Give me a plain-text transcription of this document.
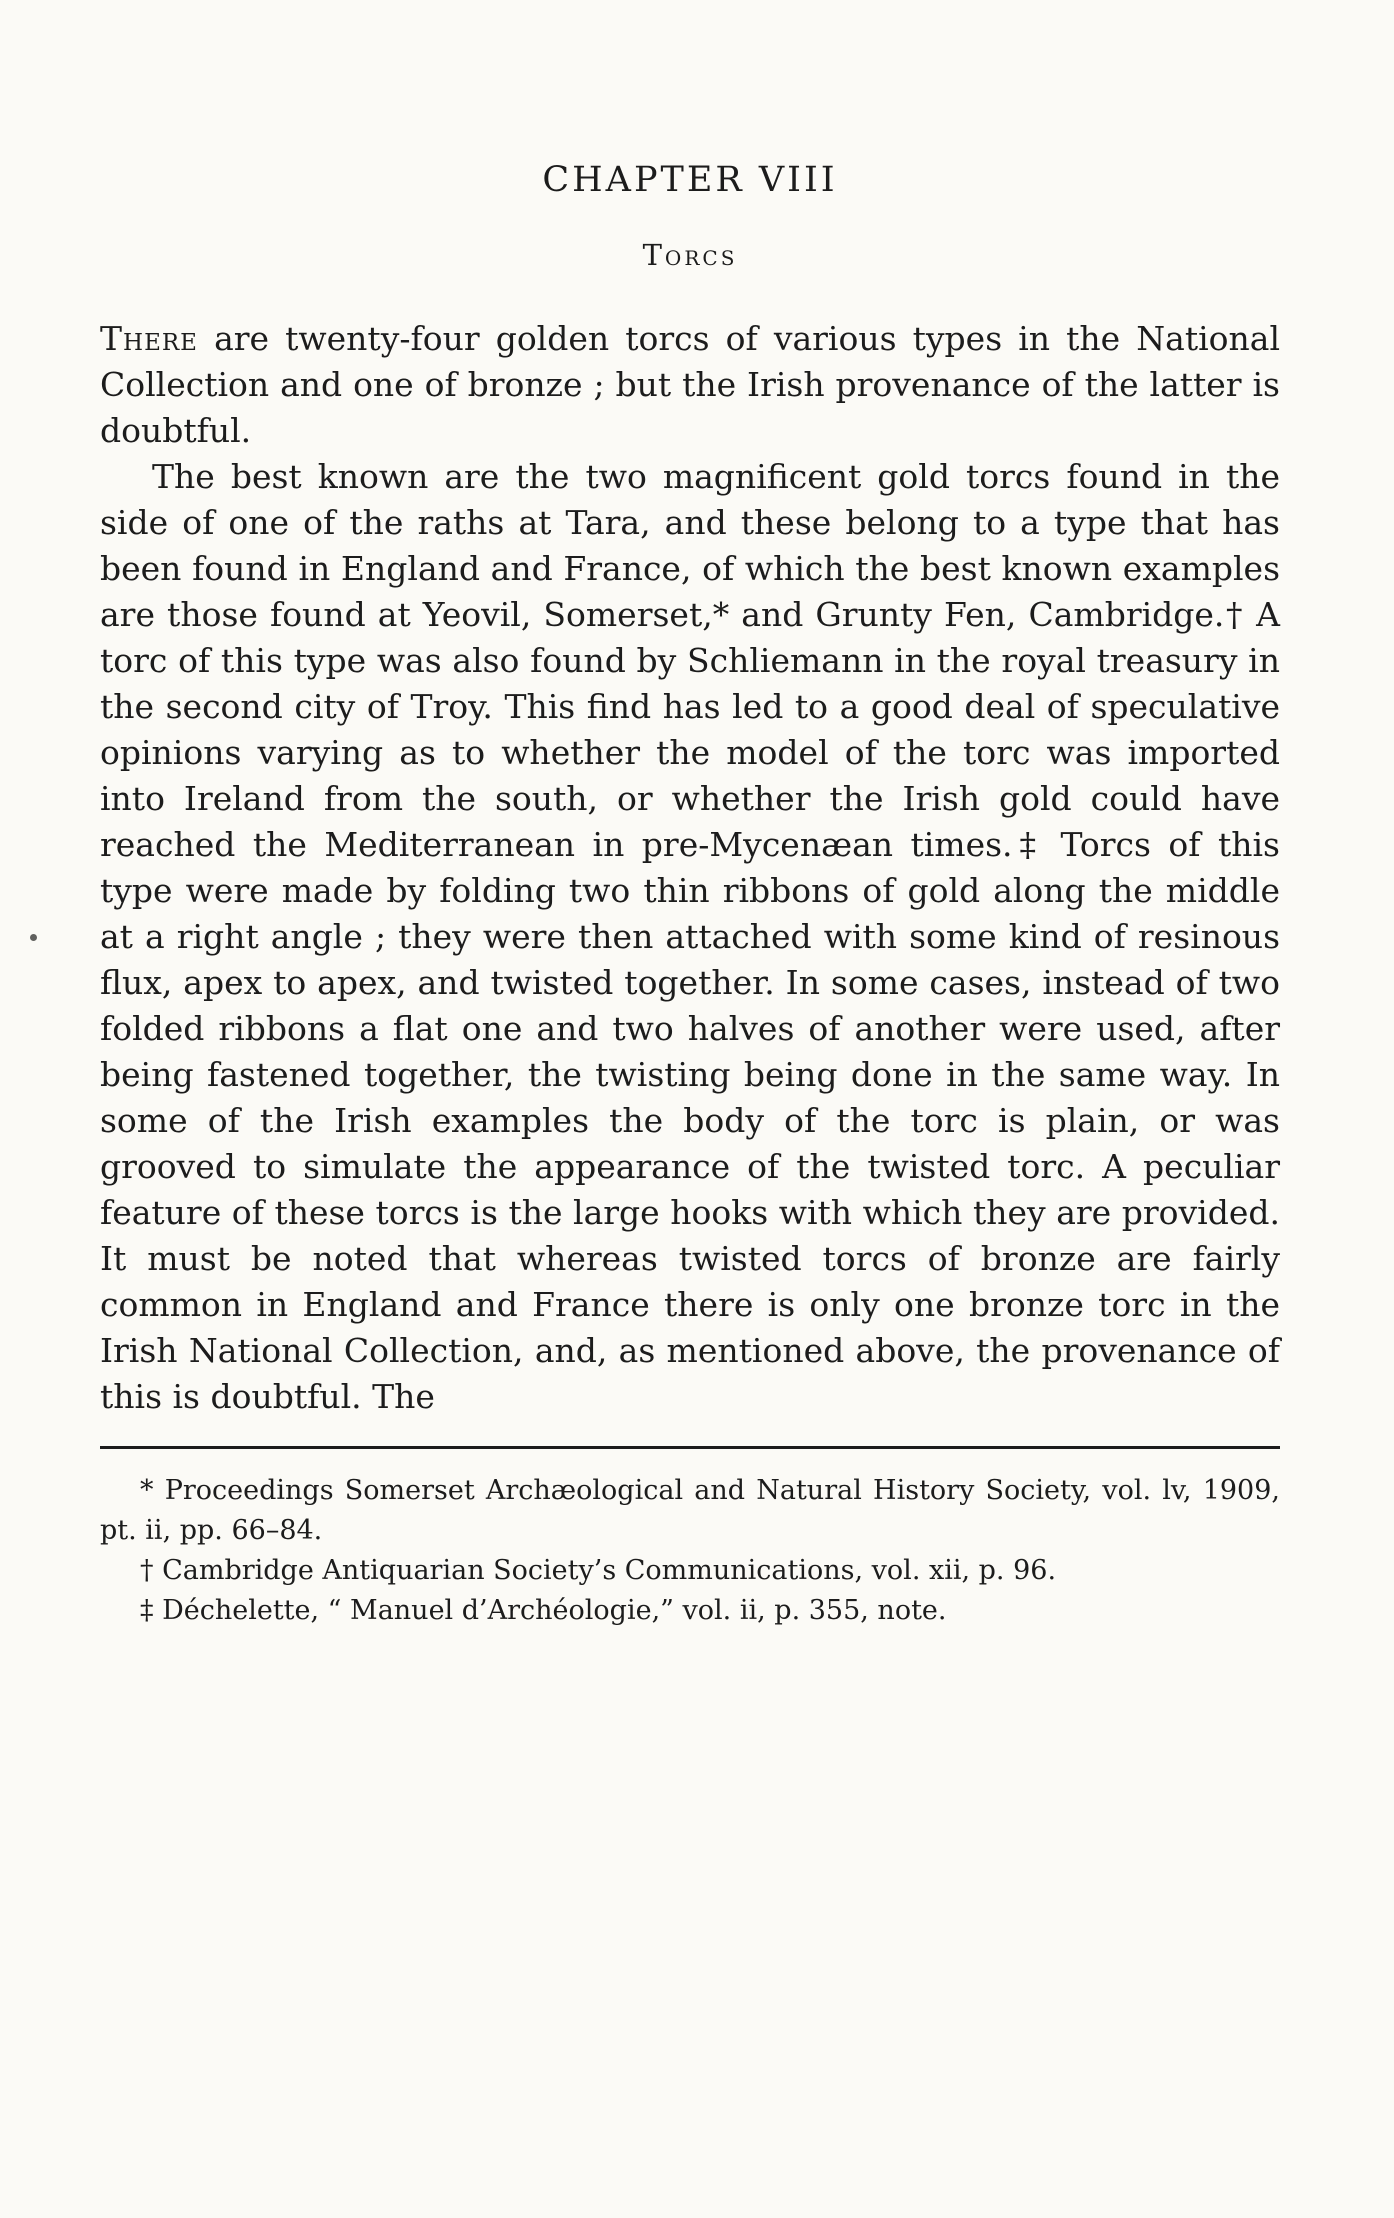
CHAPTER VIII
Torcs

There are twenty-four golden torcs of various types in the National Collection and one of bronze ; but the Irish provenance of the latter is doubtful.

The best known are the two magnificent gold torcs found in the side of one of the raths at Tara, and these belong to a type that has been found in England and France, of which the best known examples are those found at Yeovil, Somerset,* and Grunty Fen, Cambridge.† A torc of this type was also found by Schliemann in the royal treasury in the second city of Troy. This find has led to a good deal of speculative opinions varying as to whether the model of the torc was imported into Ireland from the south, or whether the Irish gold could have reached the Mediterranean in pre-Mycenæan times.‡ Torcs of this type were made by folding two thin ribbons of gold along the middle at a right angle ; they were then attached with some kind of resinous flux, apex to apex, and twisted together. In some cases, instead of two folded ribbons a flat one and two halves of another were used, after being fastened together, the twisting being done in the same way. In some of the Irish examples the body of the torc is plain, or was grooved to simulate the appearance of the twisted torc. A peculiar feature of these torcs is the large hooks with which they are provided. It must be noted that whereas twisted torcs of bronze are fairly common in England and France there is only one bronze torc in the Irish National Collection, and, as mentioned above, the provenance of this is doubtful. The

* Proceedings Somerset Archæological and Natural History Society, vol. lv, 1909, pt. ii, pp. 66–84.

† Cambridge Antiquarian Society’s Communications, vol. xii, p. 96.

‡ Déchelette, “ Manuel d’Archéologie,” vol. ii, p. 355, note.
